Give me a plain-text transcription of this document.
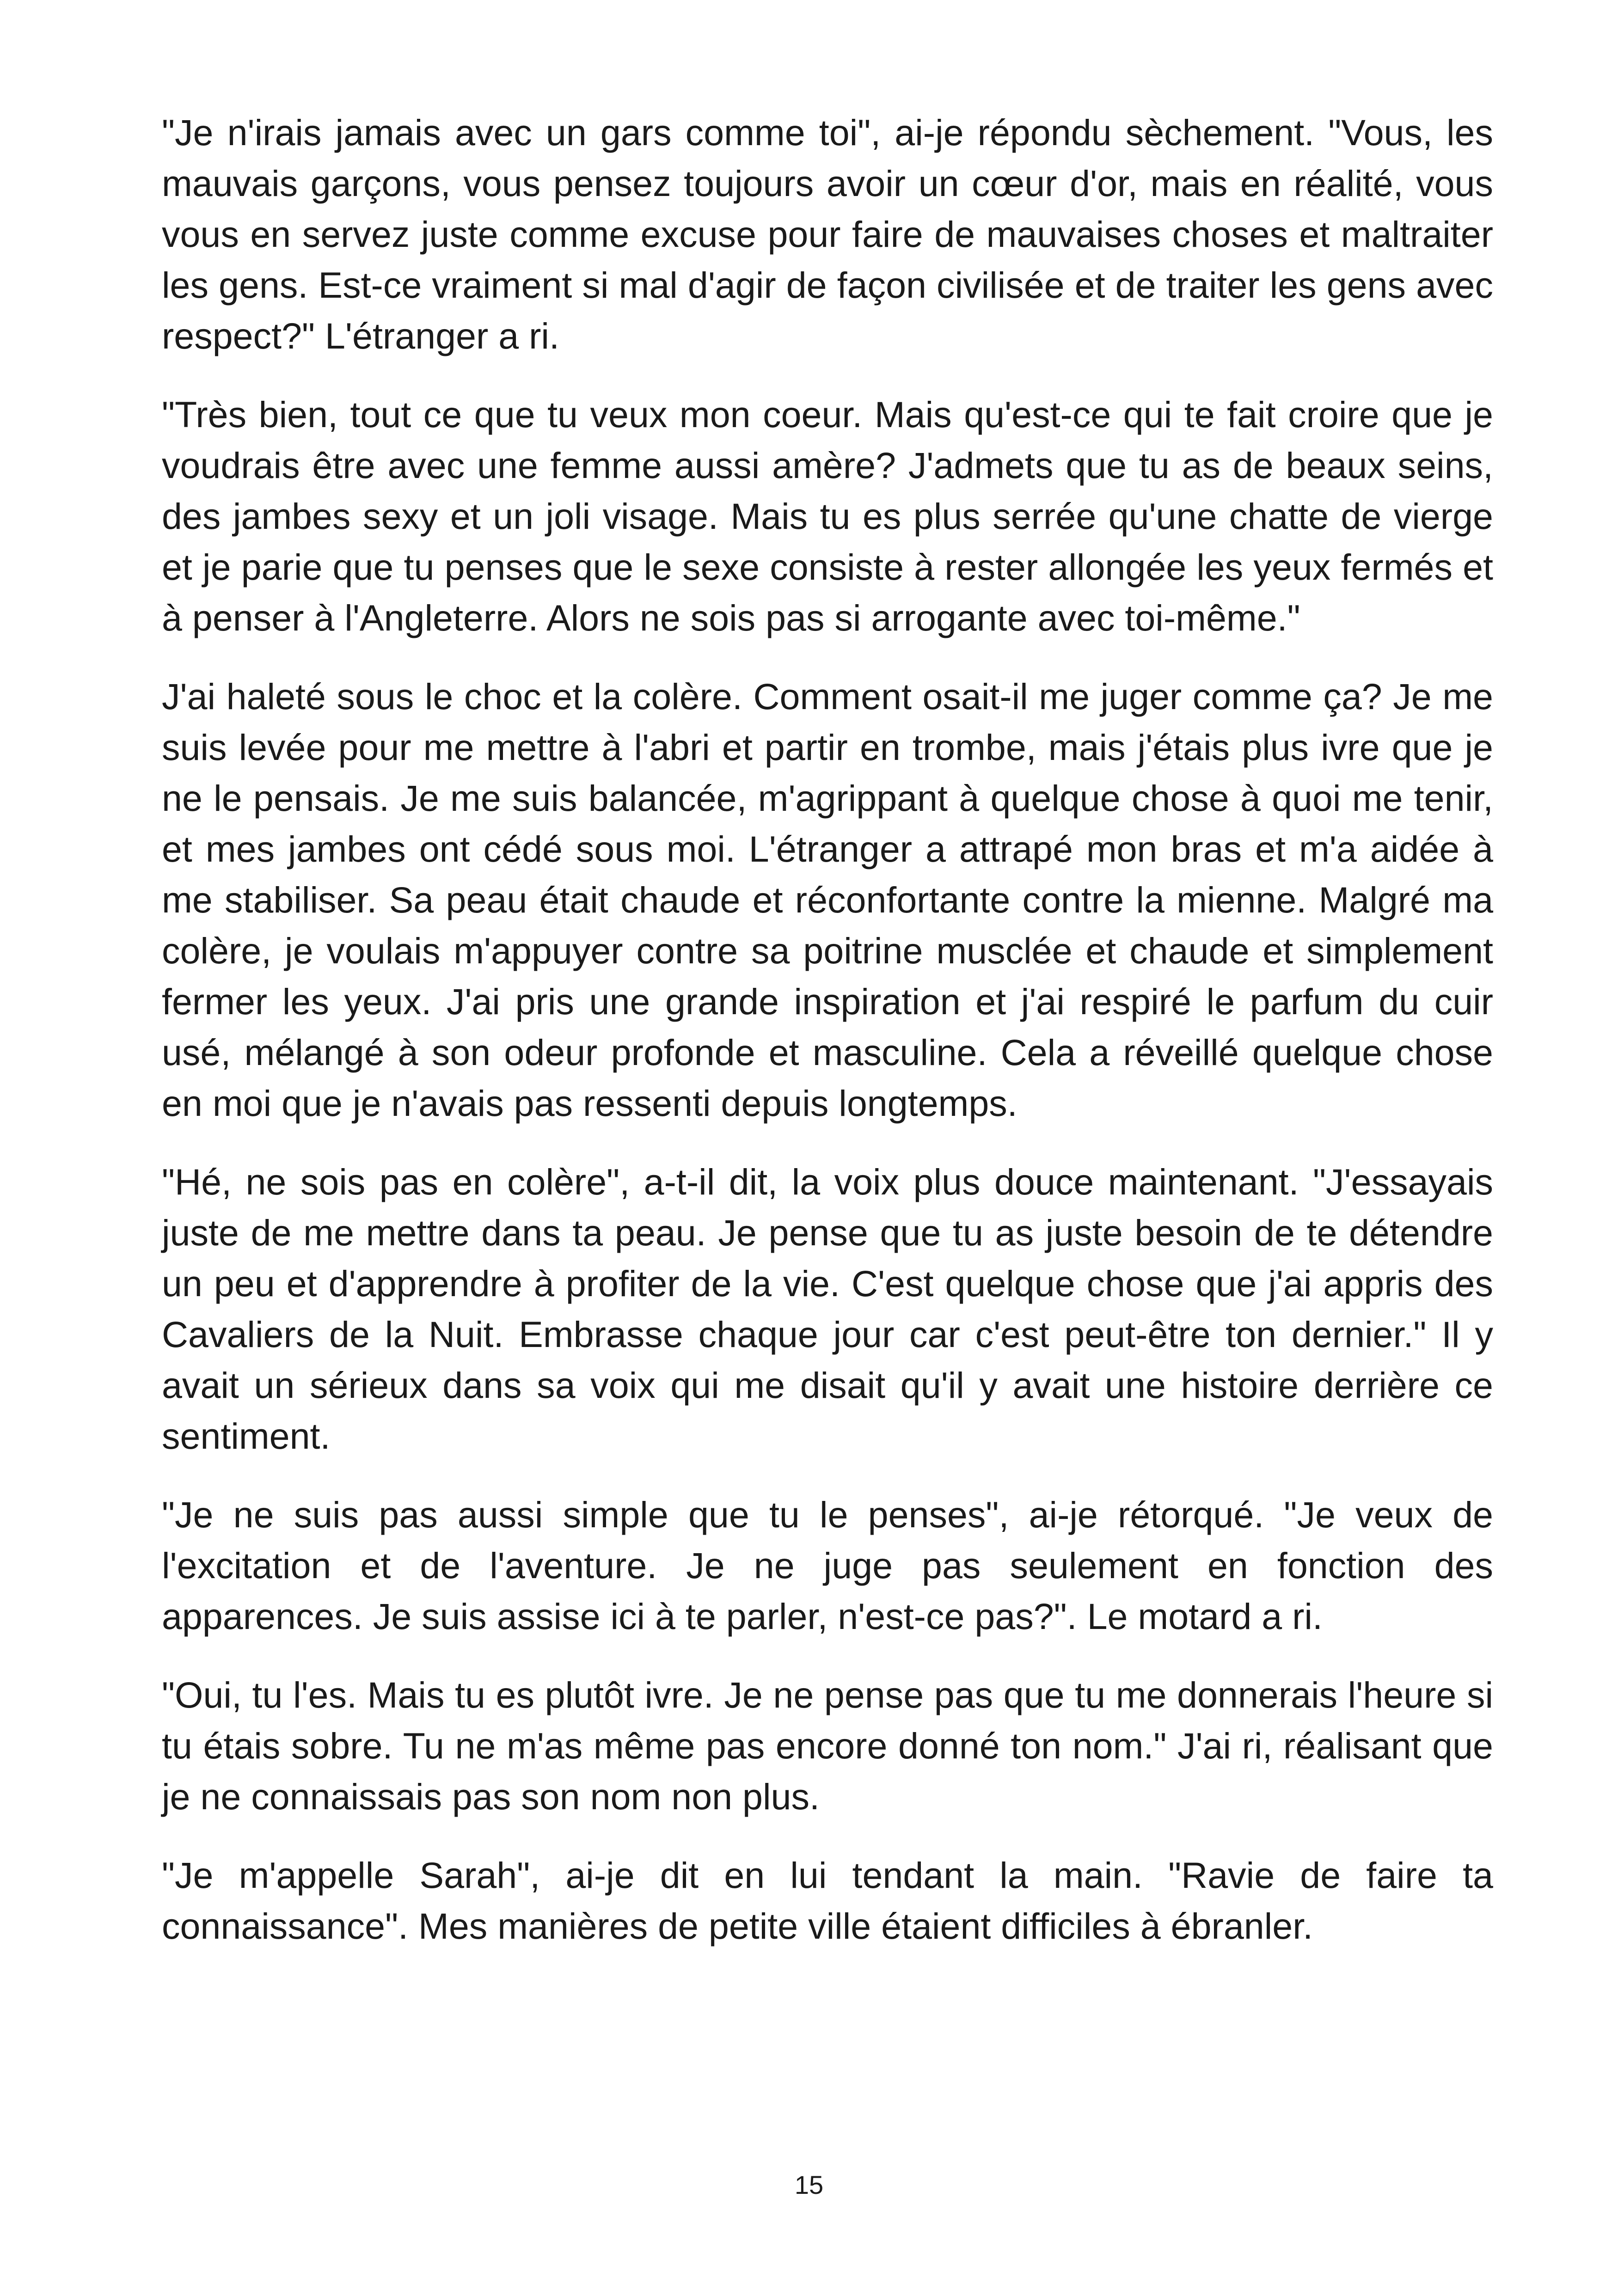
"Je n'irais jamais avec un gars comme toi", ai-je répondu sèchement. "Vous, les mauvais garçons, vous pensez toujours avoir un cœur d'or, mais en réalité, vous vous en servez juste comme excuse pour faire de mauvaises choses et maltraiter les gens. Est-ce vraiment si mal d'agir de façon civilisée et de traiter les gens avec respect?" L'étranger a ri.

"Très bien, tout ce que tu veux mon coeur. Mais qu'est-ce qui te fait croire que je voudrais être avec une femme aussi amère? J'admets que tu as de beaux seins, des jambes sexy et un joli visage. Mais tu es plus serrée qu'une chatte de vierge et je parie que tu penses que le sexe consiste à rester allongée les yeux fermés et à penser à l'Angleterre. Alors ne sois pas si arrogante avec toi-même."

J'ai haleté sous le choc et la colère. Comment osait-il me juger comme ça? Je me suis levée pour me mettre à l'abri et partir en trombe, mais j'étais plus ivre que je ne le pensais. Je me suis balancée, m'agrippant à quelque chose à quoi me tenir, et mes jambes ont cédé sous moi. L'étranger a attrapé mon bras et m'a aidée à me stabiliser. Sa peau était chaude et réconfortante contre la mienne. Malgré ma colère, je voulais m'appuyer contre sa poitrine musclée et chaude et simplement fermer les yeux. J'ai pris une grande inspiration et j'ai respiré le parfum du cuir usé, mélangé à son odeur profonde et masculine. Cela a réveillé quelque chose en moi que je n'avais pas ressenti depuis longtemps.

"Hé, ne sois pas en colère", a-t-il dit, la voix plus douce maintenant. "J'essayais juste de me mettre dans ta peau. Je pense que tu as juste besoin de te détendre un peu et d'apprendre à profiter de la vie. C'est quelque chose que j'ai appris des Cavaliers de la Nuit. Embrasse chaque jour car c'est peut-être ton dernier." Il y avait un sérieux dans sa voix qui me disait qu'il y avait une histoire derrière ce sentiment.

"Je ne suis pas aussi simple que tu le penses", ai-je rétorqué. "Je veux de l'excitation et de l'aventure. Je ne juge pas seulement en fonction des apparences. Je suis assise ici à te parler, n'est-ce pas?". Le motard a ri.

"Oui, tu l'es. Mais tu es plutôt ivre. Je ne pense pas que tu me donnerais l'heure si tu étais sobre. Tu ne m'as même pas encore donné ton nom." J'ai ri, réalisant que je ne connaissais pas son nom non plus.

"Je m'appelle Sarah", ai-je dit en lui tendant la main. "Ravie de faire ta connaissance". Mes manières de petite ville étaient difficiles à ébranler.

15
